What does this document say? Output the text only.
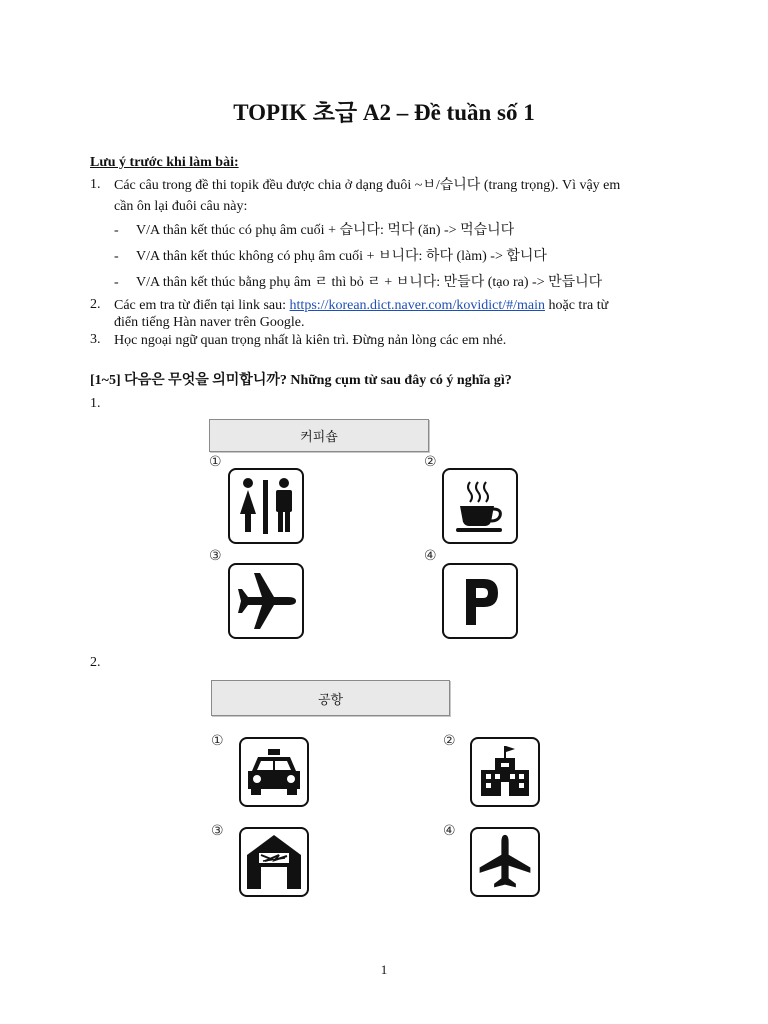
TOPIK 초급 A2 – Đề tuần số 1
Lưu ý trước khi làm bài:
1. Các câu trong đề thi topik đều được chia ở dạng đuôi ~ㅂ/습니다 (trang trọng). Vì vậy em
cần ôn lại đuôi câu này:
- V/A thân kết thúc có phụ âm cuối + 습니다: 먹다 (ăn) -> 먹습니다
- V/A thân kết thúc không có phụ âm cuối + ㅂ니다: 하다 (làm) -> 합니다
- V/A thân kết thúc bằng phụ âm ㄹ thì bỏ ㄹ + ㅂ니다: 만들다 (tạo ra) -> 만듭니다
2. Các em tra từ điển tại link sau: https://korean.dict.naver.com/kovidict/#/main hoặc tra từ
điển tiếng Hàn naver trên Google.
3. Học ngoại ngữ quan trọng nhất là kiên trì. Đừng nản lòng các em nhé.
[1~5] 다음은 무엇을 의미합니까? Những cụm từ sau đây có ý nghĩa gì?
1.
커피숍
①	②
③	④
2.
공항
①	②
③	④
1
